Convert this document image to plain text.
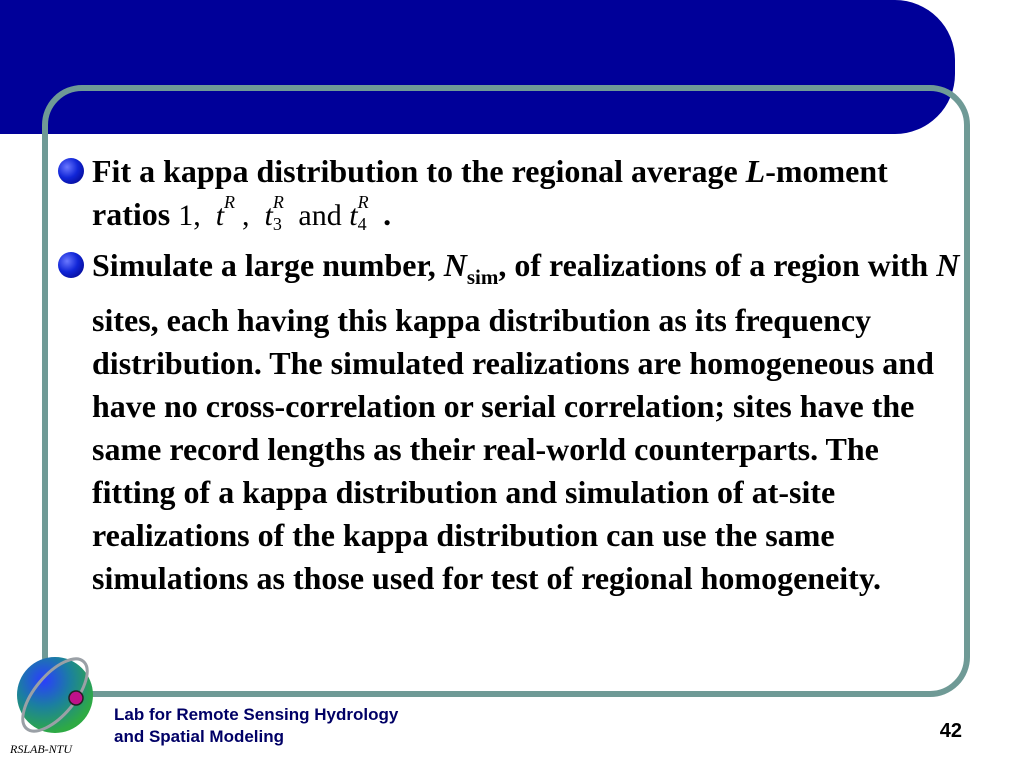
Fit a kappa distribution to the regional average L-moment ratios 1, t R , t R
3 and t R
4 .
Simulate a large number, $N_{sim}$, of realizations of a region with N sites, each having this kappa distribution as its frequency distribution. The simulated realizations are homogeneous and have no cross-correlation or serial correlation; sites have the same record lengths as their real-world counterparts. The fitting of a kappa distribution and simulation of at-site realizations of the kappa distribution can use the same simulations as those used for test of regional homogeneity.
RSLAB-NTU
Lab for Remote Sensing Hydrology
and Spatial Modeling	42
